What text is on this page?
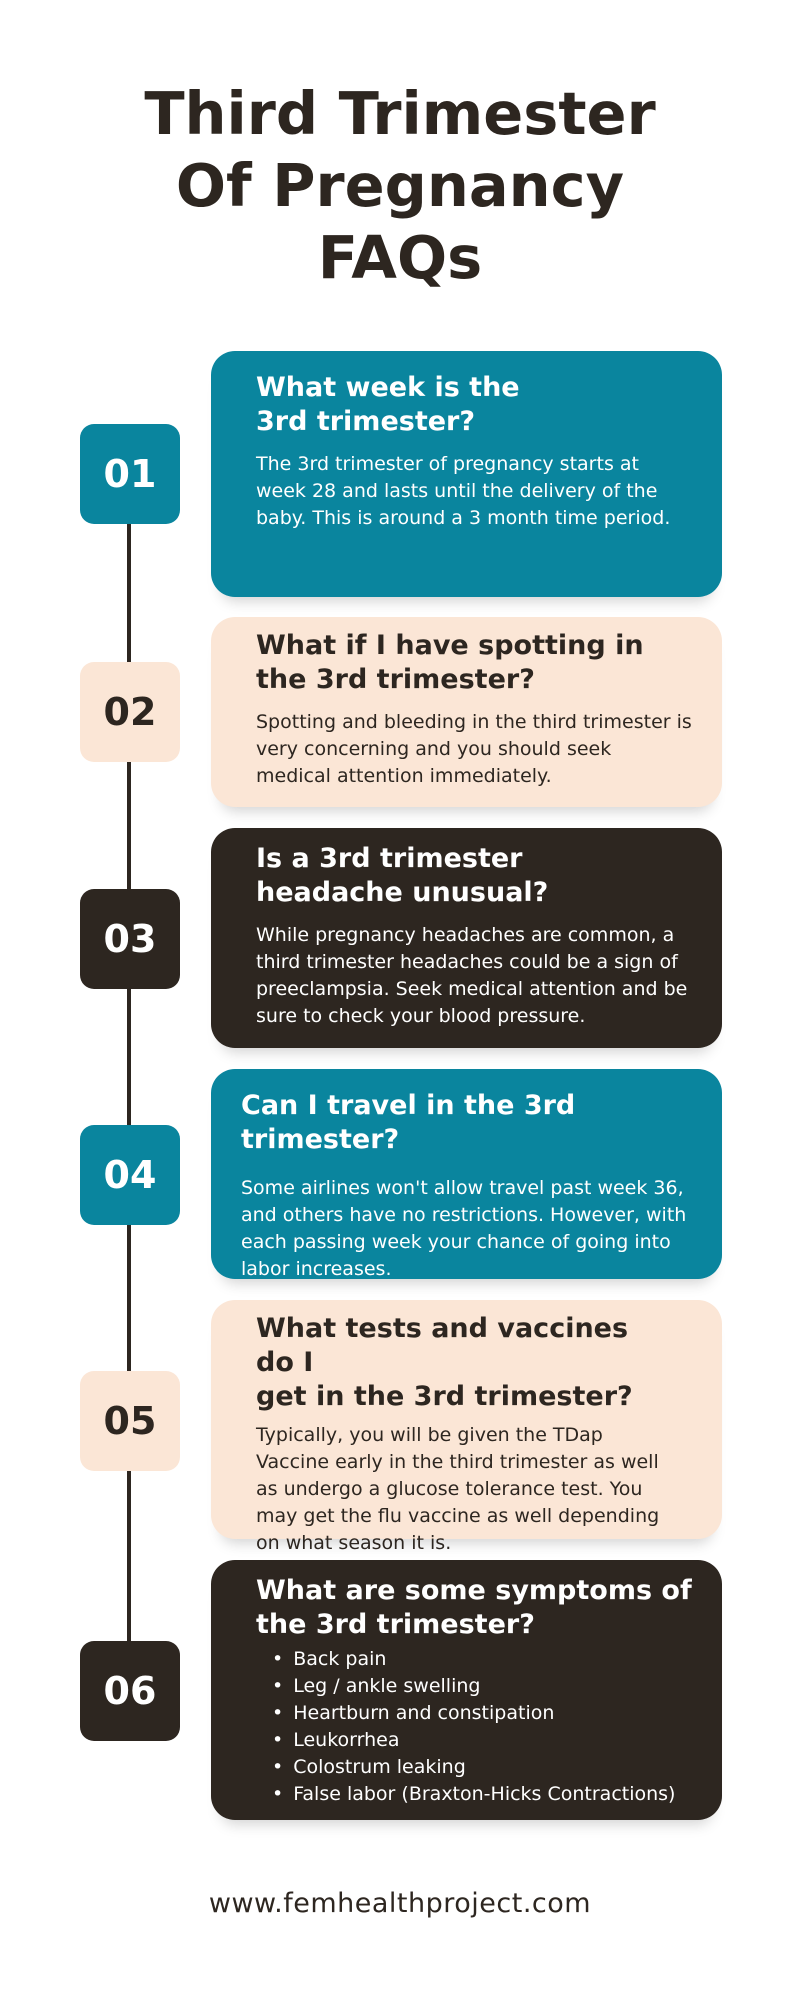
Third Trimester
Of Pregnancy
FAQs
01
What week is the
3rd trimester?

The 3rd trimester of pregnancy starts at week 28 and lasts until the delivery of the baby. This is around a 3 month time period.

02
What if I have spotting in
the 3rd trimester?

Spotting and bleeding in the third trimester is very concerning and you should seek medical attention immediately.

03
Is a 3rd trimester
headache unusual?

While pregnancy headaches are common, a third trimester headaches could be a sign of preeclampsia. Seek medical attention and be sure to check your blood pressure.

04
Can I travel in the 3rd trimester?

Some airlines won't allow travel past week 36, and others have no restrictions. However, with each passing week your chance of going into labor increases.

05
What tests and vaccines do I
get in the 3rd trimester?

Typically, you will be given the TDap Vaccine early in the third trimester as well as undergo a glucose tolerance test. You may get the flu vaccine as well depending on what season it is.

06
What are some symptoms of
the 3rd trimester?
• Back pain
• Leg / ankle swelling
• Heartburn and constipation
• Leukorrhea
• Colostrum leaking
• False labor (Braxton-Hicks Contractions)
www.femhealthproject.com
